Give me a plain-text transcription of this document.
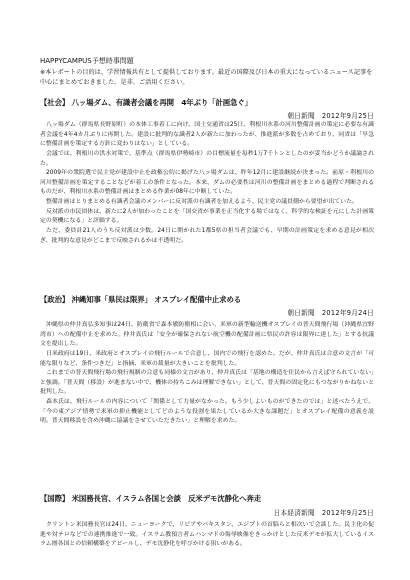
HAPPYCAMPUS予想時事問題
※本レポートの目的は、学習情報共有として提供しております。最近の国際及び日本の重大になっているニュース記事を中心にまとめておきました。是非、ご活用ください。
【社会】 八ッ場ダム、有識者会議を再開　4年ぶり「計画急ぐ」
朝日新聞　2012年9月25日

八ッ場ダム（群馬県長野原町）の本体工事着工に向け、国土交通省は25日、利根川水系の河川整備計画の策定に必要な有識者会議を4年4カ月ぶりに再開した。建設に批判的な識者2人が新たに加わったが、推進派が多数を占めており、同省は「早急に整備計画を策定する方針に変わりはない」としている。

会議では、利根川の洪水対策で、基準点（群馬県伊勢崎市）の目標流量を毎秒1万7千トンとしたのが妥当かどうか議論された。

2009年の衆院選で民主党が建設中止を政権公約に掲げた八ッ場ダムは、昨年12月に建設継続が決まった。前原・利根川の河川整備計画を策定することなどが着工の条件となった。本来、ダムの必要性は河川の整備計画をまとめる過程で判断されるものだが、利根川水系の整備計画はまとめる作業が08年に中断していた。

整備計画はとりまとめる有識者会議のメンバーに反対派の有識者を加えるよう、民主党の議員側から要望が出ていた。

反対派の市民団体は、新たに2人が加わったことを「国交省が事業を正当化する場ではなく、科学的な検証を元にした計画策定の契機になる」と評価する。

ただ、委員計21人のうち反対派は少数。24日に開かれた1都5県の担当者会議でも、早期の計画策定を求める意見が相次ぎ、批判的な意見がどこまで反映されるかは不透明だ。

【政治】 沖縄知事「県民は限界」 オスプレイ配備中止求める
朝日新聞　2012年9月24日

沖縄県の仲井真弘多知事は24日、防衛省で森本敏防衛相に会い、米軍の新型輸送機オスプレイの普天間飛行場（沖縄県宜野湾市）への配備中止を求めた。仲井真氏は「安全が確保されない航空機の配備計画に県民の許容は限界に達した」とする抗議文を提出した。

日米政府は19日、米政府とオスプレイの飛行ルールで合意し、国内での飛行を認めた。だが、仲井真氏は合意の文言が「可能な限りなど、条件つきだ」と指摘、米軍の裁量が大きいことを批判した。

これまでの普天間飛行場の飛行規制の合意も同様の文言があり、仲井真氏は「基地の構造を住民から言えば守られていない」と強調。「普天間（移設）が進まない中で、機体の持ちこみは理解できない」として、普天間の固定化にもつながりかねないと批判した。

森本氏は、飛行ルールの内容について「関係として力量がなかった。もう少しよいものができたのでは」と述べたうえで、「今の東アジア情勢で米軍の抑止機能としてどのような役割を果たしているか大きな課題だ」とオスプレイ配備の意義を説明。普天間移設を含め沖縄に協議をさせていただきたい」と理解を求めた。

【国際】 米国務長官、イスラム各国と会談　反米デモ沈静化へ奔走
日本経済新聞　2012年9月25日

クリントン米国務長官は24日、ニューヨークで、リビアやパキスタン、エジプトの首脳らと相次いで会談した。民主化の促進や対テロなどでの連携推進で一致。イスラム教預言者ムハンマドの侮辱映像をきっかけとした反米デモが拡大しているイスラム圏各国との信頼構築をアピールし、デモ沈静化を呼びかける狙いがある。
